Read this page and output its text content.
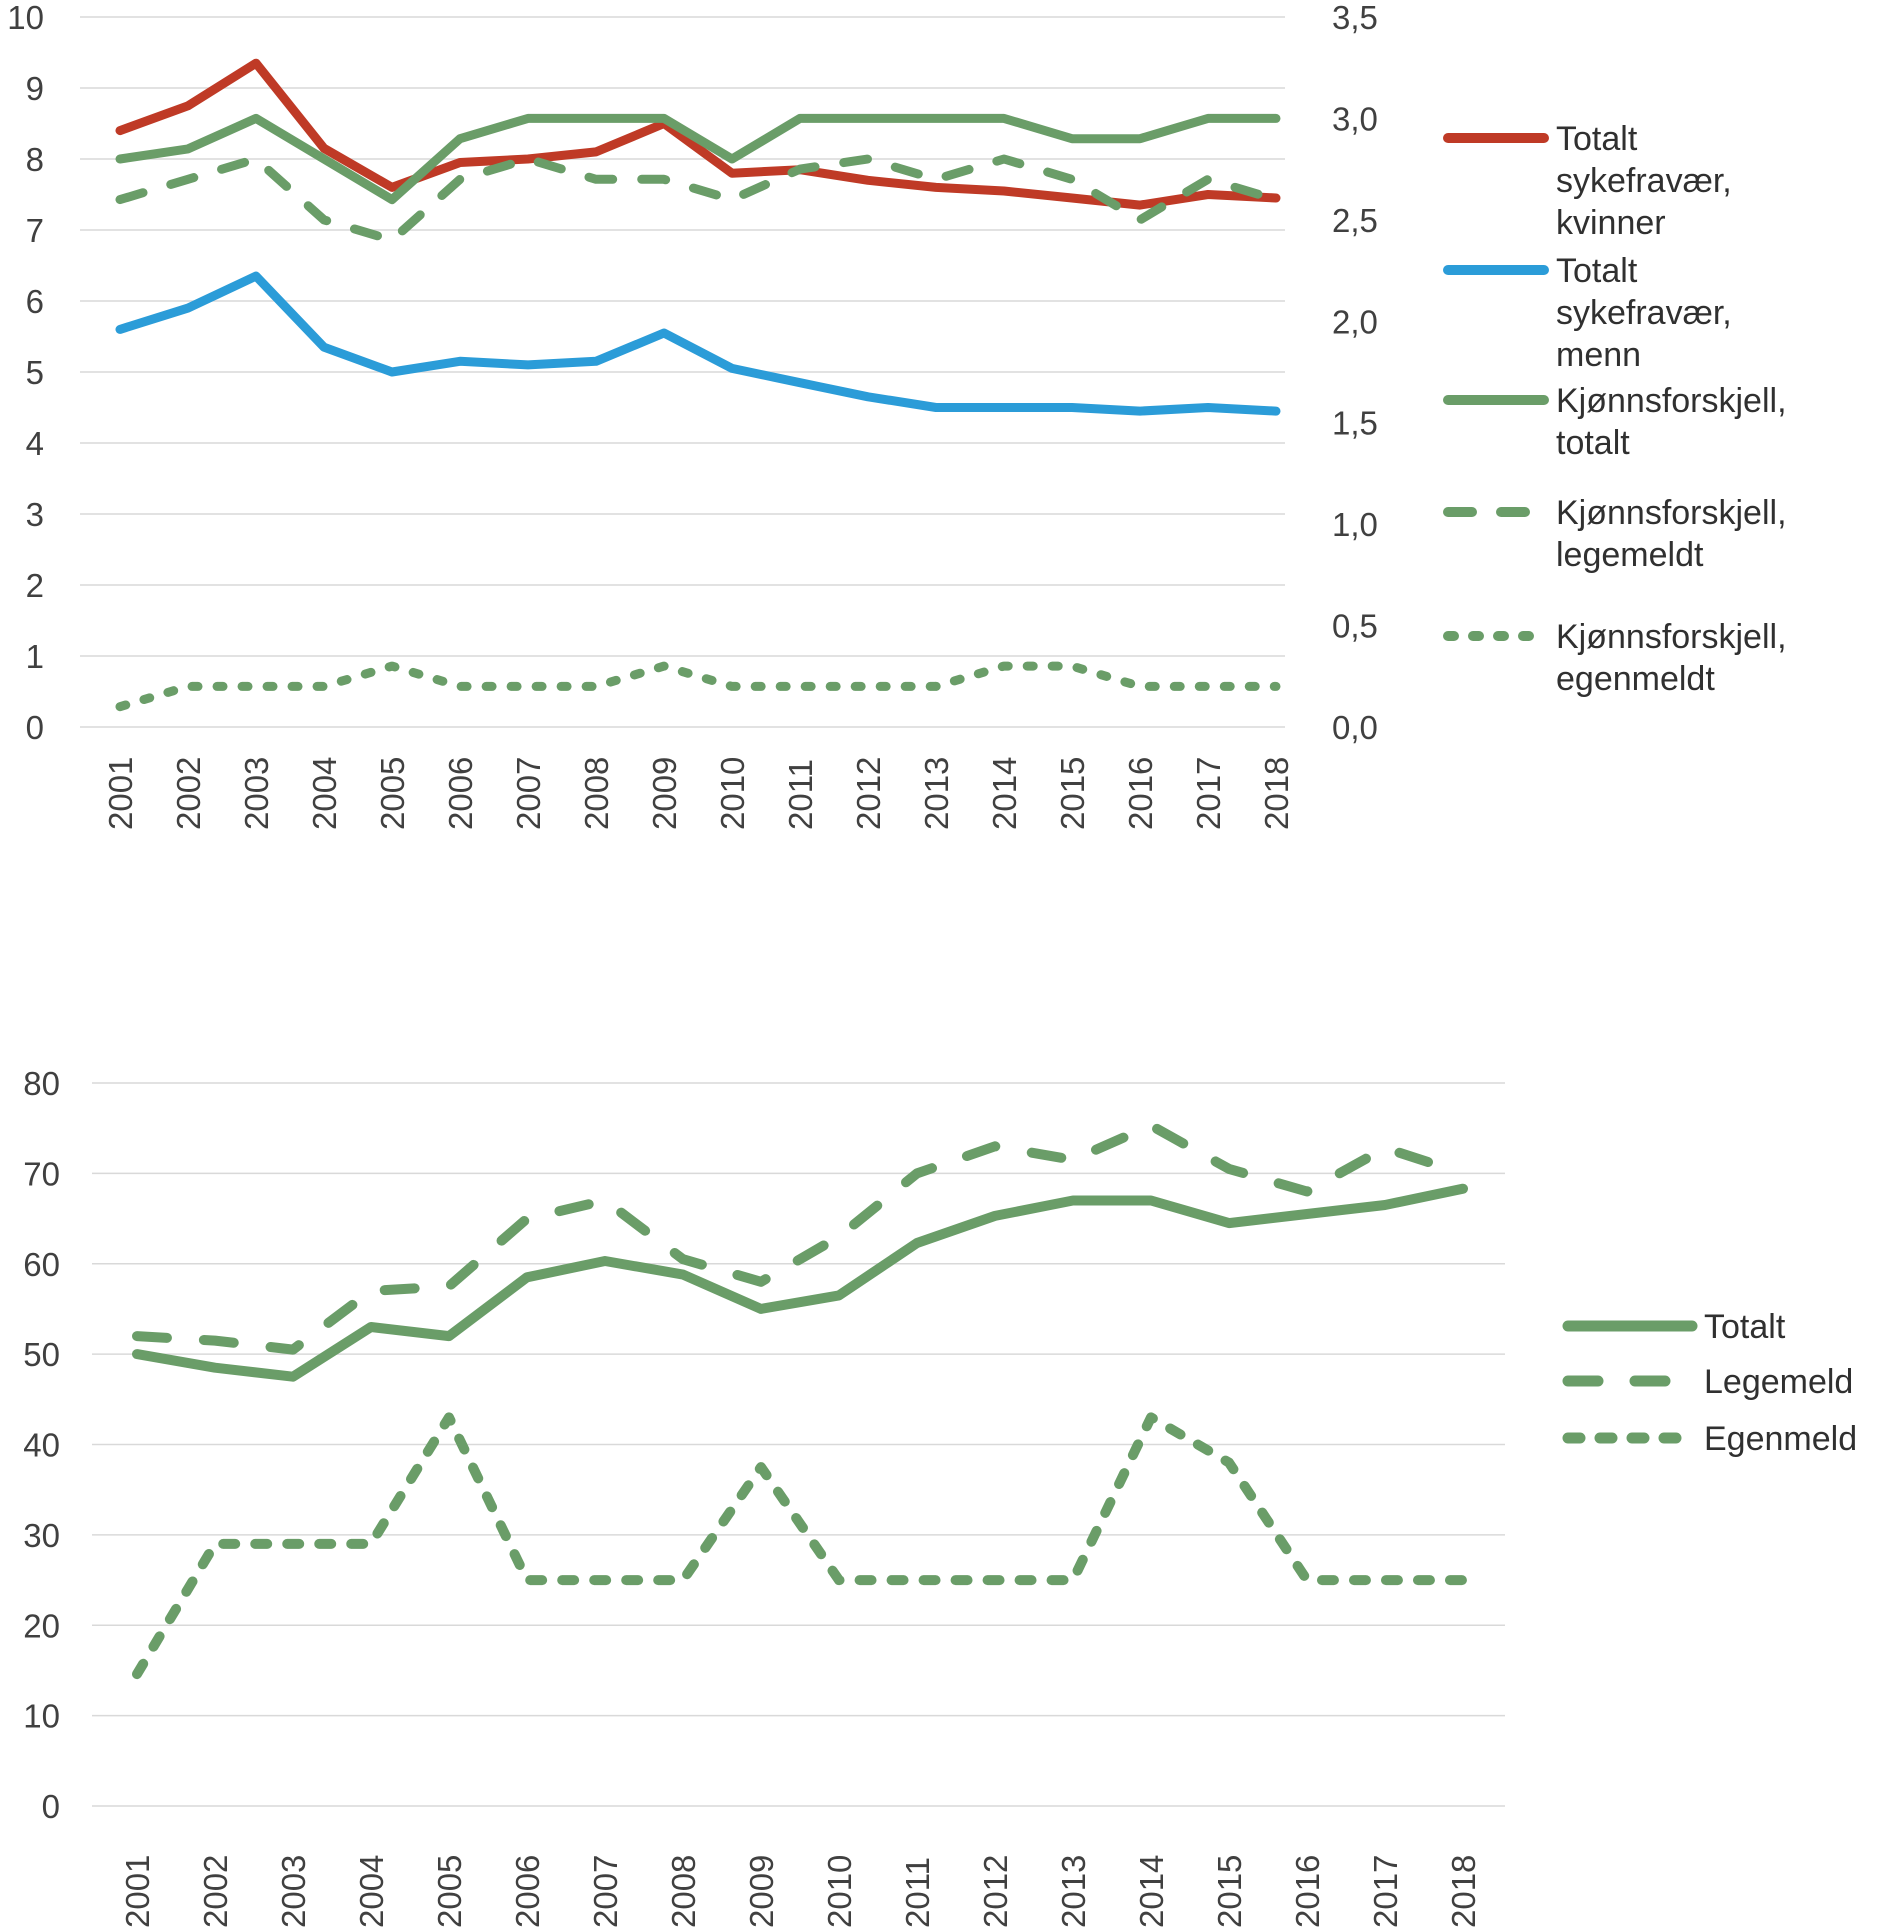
0
1
2
3
4
5
6
7
8
9
10
0,0
0,5
1,0
1,5
2,0
2,5
3,0
3,5
2001 2002 2003 2004 2005 2006 2007 2008 2009 2010 2011 2012 2013 2014 2015 2016 2017 2018
Totalt sykefravær, kvinner
Totalt sykefravær, menn
Kjønnsforskjell, totalt
Kjønnsforskjell, legemeldt
Kjønnsforskjell, egenmeldt
0
10
20
30
40
50
60
70
80
2001 2002 2003 2004 2005 2006 2007 2008 2009 2010 2011 2012 2013 2014 2015 2016 2017 2018
Totalt
Legemeld
Egenmeld
